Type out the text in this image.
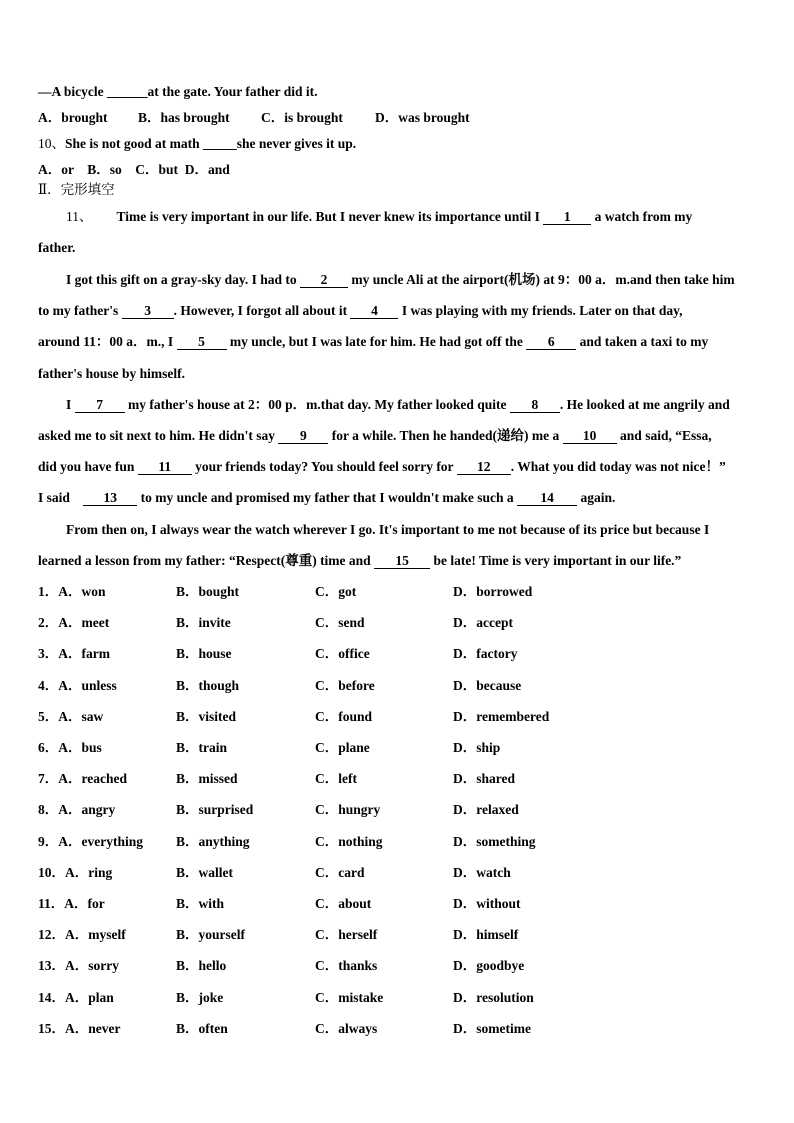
—A bicycle ______at the gate. Your father did it.
A．brought B．has brought C．is brought D．was brought
10、She is not good at math _____she never gives it up.
A．or    B．so    C．but  D．and
Ⅱ．完形填空
11、 Time is very important in our life. But I never knew its importance until I 1 a watch from my
father.
I got this gift on a gray-sky day. I had to 2 my uncle Ali at the airport(机场) at 9：00 a．m.and then take him
to my father's 3 . However, I forgot all about it 4 I was playing with my friends. Later on that day,
around 11：00 a．m., I 5 my uncle, but I was late for him. He had got off the 6 and taken a taxi to my
father's house by himself.
I 7 my father's house at 2：00 p．m.that day. My father looked quite 8 . He looked at me angrily and
asked me to sit next to him. He didn't say 9 for a while. Then he handed(递给) me a 10 and said, “Essa,
did you have fun 11 your friends today? You should feel sorry for 12 . What you did today was not nice！”
I said 13 to my uncle and promised my father that I wouldn't make such a 14 again.
From then on, I always wear the watch wherever I go. It's important to me not because of its price but because I
learned a lesson from my father: “Respect(尊重) time and 15 be late! Time is very important in our life.”
1．A．won	B．bought	C．got	D．borrowed
2．A．meet	B．invite	C．send	D．accept
3．A．farm	B．house	C．office	D．factory
4．A．unless	B．though	C．before	D．because
5．A．saw	B．visited	C．found	D．remembered
6．A．bus	B．train	C．plane	D．ship
7．A．reached	B．missed	C．left	D．shared
8．A．angry	B．surprised	C．hungry	D．relaxed
9．A．everything B．anything	C．nothing	D．something
10．A．ring	B．wallet	C．card	D．watch
11．A．for	B．with	C．about	D．without
12．A．myself	B．yourself	C．herself	D．himself
13．A．sorry	B．hello	C．thanks	D．goodbye
14．A．plan	B．joke	C．mistake	D．resolution
15．A．never	B．often	C．always	D．sometime
